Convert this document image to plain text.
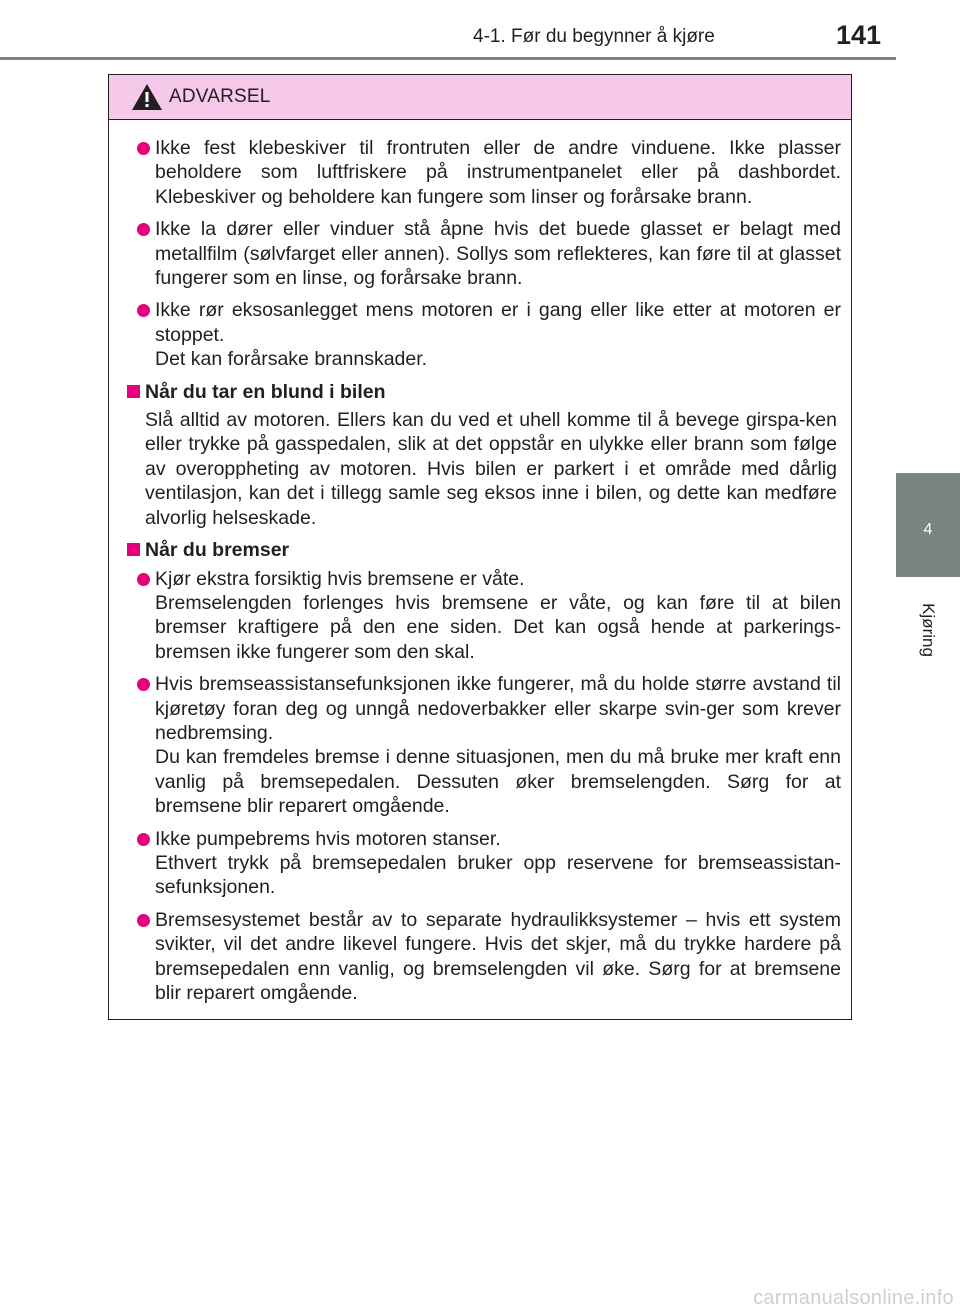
4-1. Før du begynner å kjøre	141
4
Kjøring
ADVARSEL
Ikke fest klebeskiver til frontruten eller de andre vinduene. Ikke plasser beholdere som luftfriskere på instrumentpanelet eller på dashbordet. Klebeskiver og beholdere kan fungere som linser og forårsake brann.
Ikke la dører eller vinduer stå åpne hvis det buede glasset er belagt med metallfilm (sølvfarget eller annen). Sollys som reflekteres, kan føre til at glasset fungerer som en linse, og forårsake brann.
Ikke rør eksosanlegget mens motoren er i gang eller like etter at motoren er stoppet.
Det kan forårsake brannskader.
Når du tar en blund i bilen
Slå alltid av motoren. Ellers kan du ved et uhell komme til å bevege girspa-ken eller trykke på gasspedalen, slik at det oppstår en ulykke eller brann som følge av overoppheting av motoren. Hvis bilen er parkert i et område med dårlig ventilasjon, kan det i tillegg samle seg eksos inne i bilen, og dette kan medføre alvorlig helseskade.
Når du bremser
Kjør ekstra forsiktig hvis bremsene er våte.
Bremselengden forlenges hvis bremsene er våte, og kan føre til at bilen bremser kraftigere på den ene siden. Det kan også hende at parkerings-bremsen ikke fungerer som den skal.
Hvis bremseassistansefunksjonen ikke fungerer, må du holde større avstand til kjøretøy foran deg og unngå nedoverbakker eller skarpe svin-ger som krever nedbremsing.
Du kan fremdeles bremse i denne situasjonen, men du må bruke mer kraft enn vanlig på bremsepedalen. Dessuten øker bremselengden. Sørg for at bremsene blir reparert omgående.
Ikke pumpebrems hvis motoren stanser.
Ethvert trykk på bremsepedalen bruker opp reservene for bremseassistan-sefunksjonen.
Bremsesystemet består av to separate hydraulikksystemer – hvis ett system svikter, vil det andre likevel fungere. Hvis det skjer, må du trykke hardere på bremsepedalen enn vanlig, og bremselengden vil øke. Sørg for at bremsene blir reparert omgående.
carmanualsonline.info
